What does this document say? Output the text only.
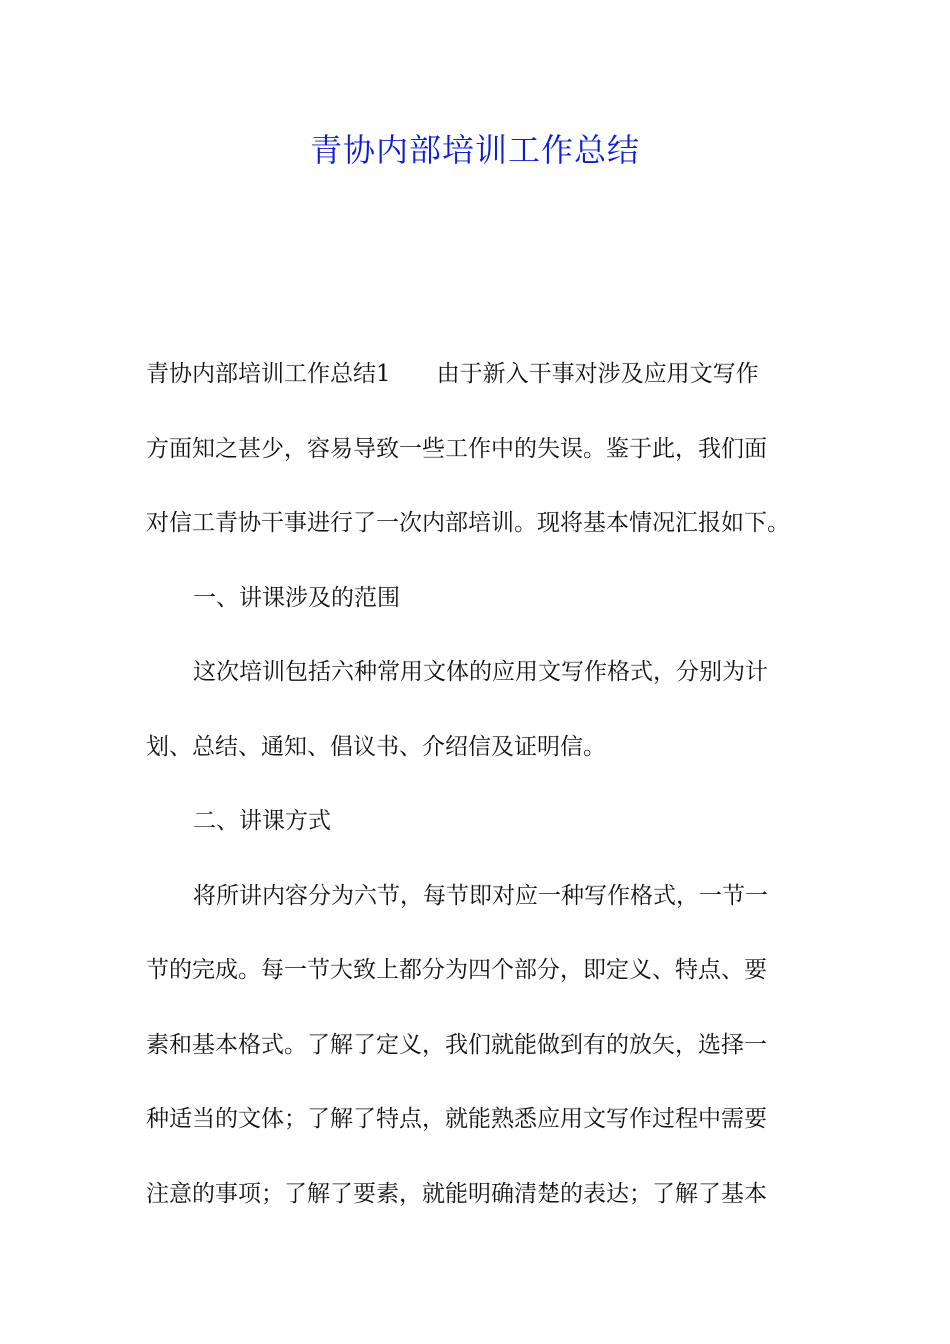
青协内部培训工作总结

青协内部培训工作总结1 由于新入干事对涉及应用文写作

方面知之甚少，容易导致一些工作中的失误。鉴于此，我们面

对信工青协干事进行了一次内部培训。现将基本情况汇报如下。

一、讲课涉及的范围

这次培训包括六种常用文体的应用文写作格式，分别为计

划、总结、通知、倡议书、介绍信及证明信。

二、讲课方式

将所讲内容分为六节，每节即对应一种写作格式，一节一

节的完成。每一节大致上都分为四个部分，即定义、特点、要

素和基本格式。了解了定义，我们就能做到有的放矢，选择一

种适当的文体；了解了特点，就能熟悉应用文写作过程中需要

注意的事项；了解了要素，就能明确清楚的表达；了解了基本
